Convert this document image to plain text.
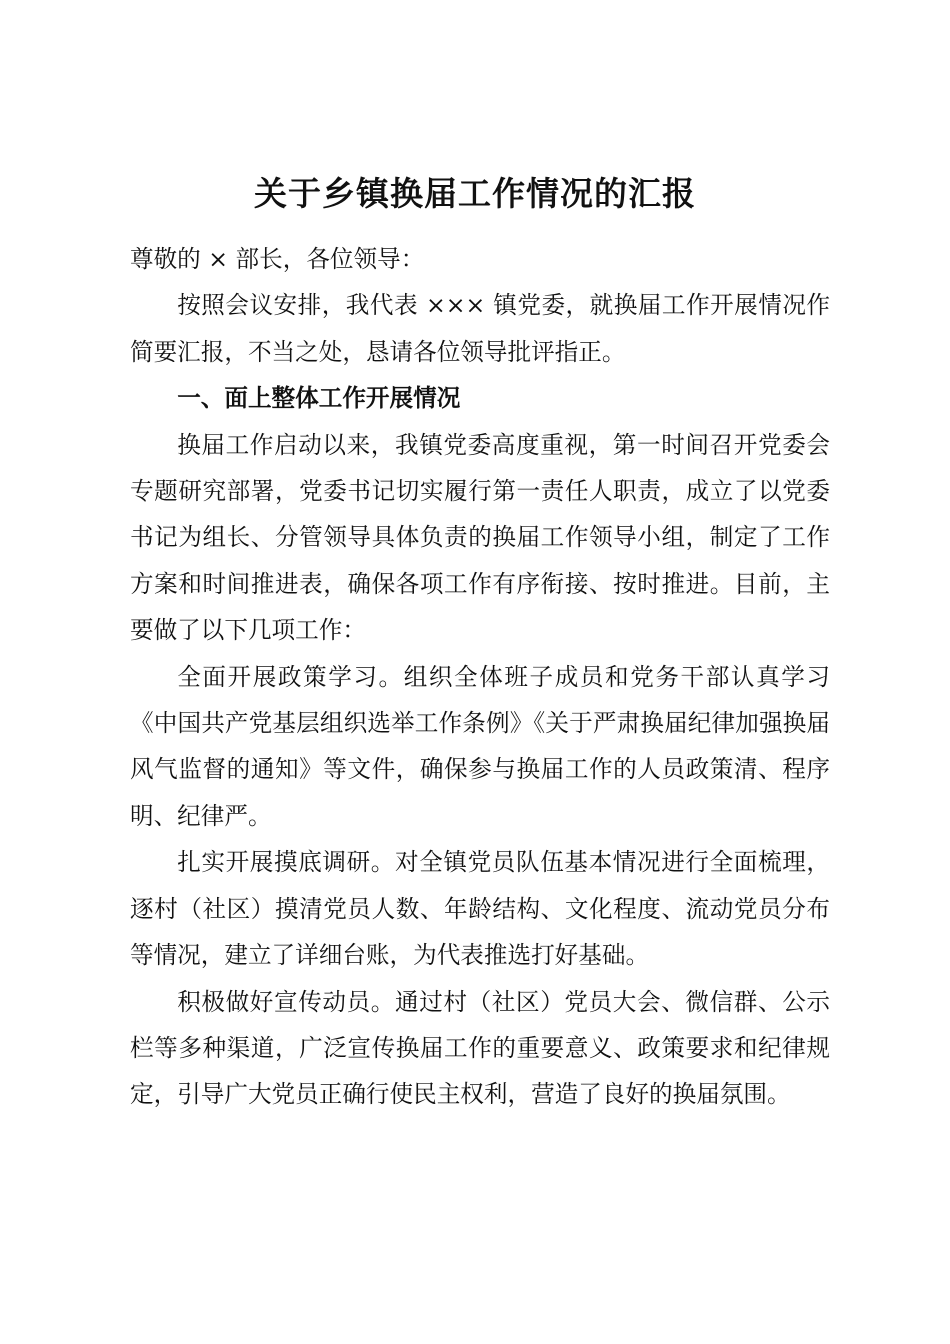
关于乡镇换届工作情况的汇报

尊敬的 × 部长，各位领导：

按照会议安排，我代表 ××× 镇党委，就换届工作开展情况作简要汇报，不当之处，恳请各位领导批评指正。

一、面上整体工作开展情况

换届工作启动以来，我镇党委高度重视，第一时间召开党委会专题研究部署，党委书记切实履行第一责任人职责，成立了以党委书记为组长、分管领导具体负责的换届工作领导小组，制定了工作方案和时间推进表，确保各项工作有序衔接、按时推进。目前，主要做了以下几项工作：

全面开展政策学习。组织全体班子成员和党务干部认真学习《中国共产党基层组织选举工作条例》《关于严肃换届纪律加强换届风气监督的通知》等文件，确保参与换届工作的人员政策清、程序明、纪律严。

扎实开展摸底调研。对全镇党员队伍基本情况进行全面梳理，逐村（社区）摸清党员人数、年龄结构、文化程度、流动党员分布等情况，建立了详细台账，为代表推选打好基础。

积极做好宣传动员。通过村（社区）党员大会、微信群、公示栏等多种渠道，广泛宣传换届工作的重要意义、政策要求和纪律规定，引导广大党员正确行使民主权利，营造了良好的换届氛围。
